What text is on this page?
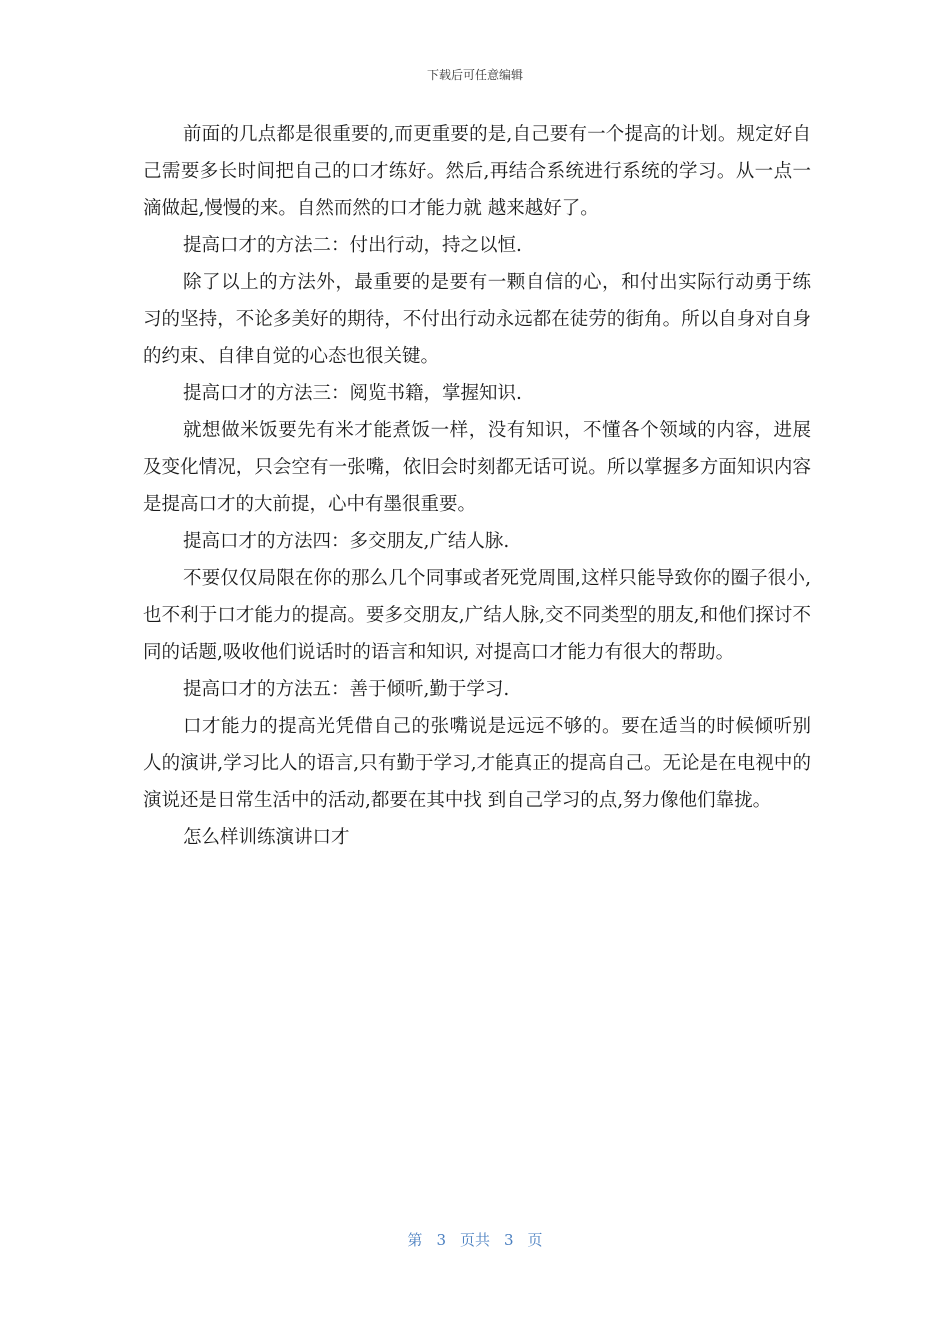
下载后可任意编辑

前面的几点都是很重要的,而更重要的是,自己要有一个提高的计划。规定好自己需要多长时间把自己的口才练好。然后,再结合系统进行系统的学习。从一点一滴做起,慢慢的来。自然而然的口才能力就 越来越好了。

提高口才的方法二：付出行动，持之以恒.

除了以上的方法外，最重要的是要有一颗自信的心，和付出实际行动勇于练习的坚持，不论多美好的期待，不付出行动永远都在徒劳的街角。所以自身对自身的约束、自律自觉的心态也很关键。

提高口才的方法三：阅览书籍，掌握知识.

就想做米饭要先有米才能煮饭一样，没有知识，不懂各个领域的内容，进展及变化情况，只会空有一张嘴，依旧会时刻都无话可说。所以掌握多方面知识内容是提高口才的大前提，心中有墨很重要。

提高口才的方法四：多交朋友,广结人脉.

不要仅仅局限在你的那么几个同事或者死党周围,这样只能导致你的圈子很小,也不利于口才能力的提高。要多交朋友,广结人脉,交不同类型的朋友,和他们探讨不同的话题,吸收他们说话时的语言和知识, 对提高口才能力有很大的帮助。

提高口才的方法五：善于倾听,勤于学习.

口才能力的提高光凭借自己的张嘴说是远远不够的。要在适当的时候倾听别人的演讲,学习比人的语言,只有勤于学习,才能真正的提高自己。无论是在电视中的演说还是日常生活中的活动,都要在其中找 到自己学习的点,努力像他们靠拢。

怎么样训练演讲口才

第 3 页共 3 页
